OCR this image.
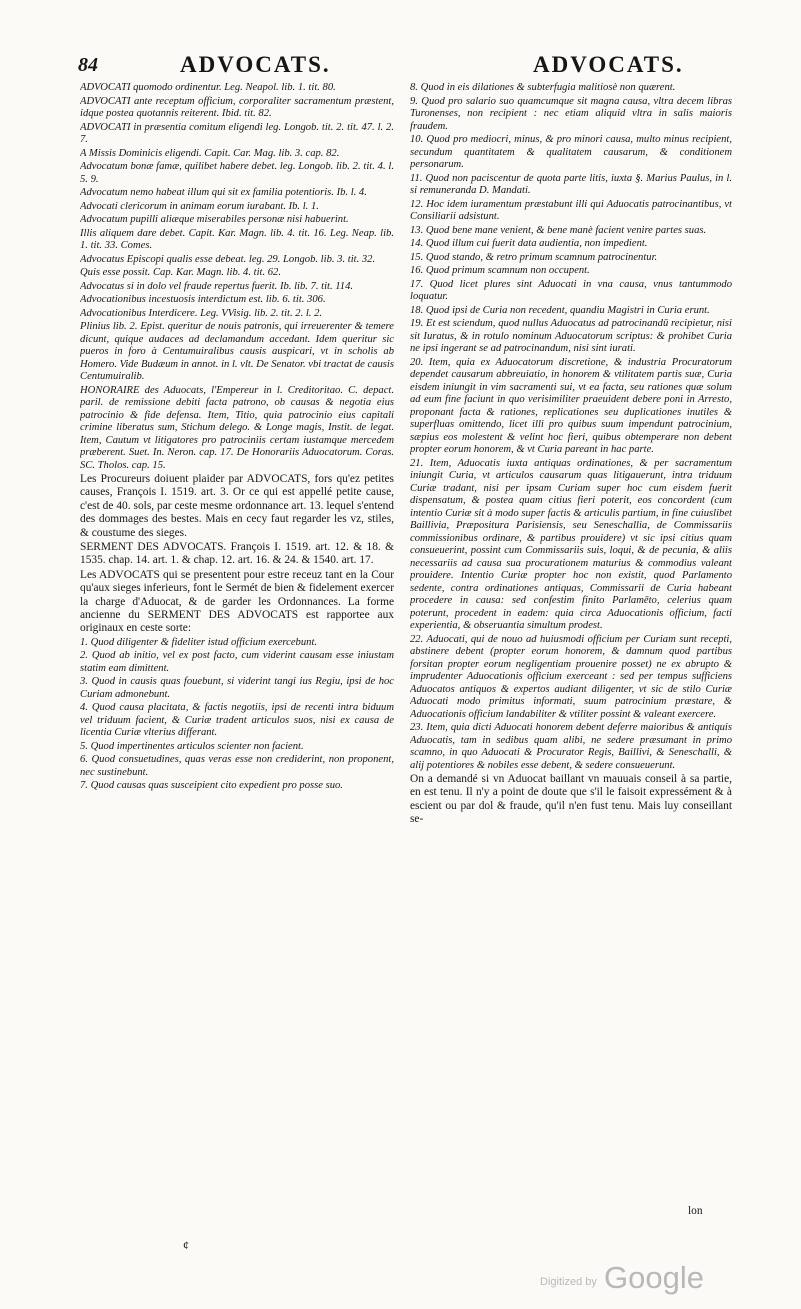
84	ADVOCATS.	ADVOCATS.

ADVOCATI quomodo ordinentur. Leg. Neapol. lib. 1. tit. 80.

ADVOCATI ante receptum officium, corporaliter sacramentum præstent, idque postea quotannis reiterent. Ibid. tit. 82.

ADVOCATI in præsentia comitum eligendi leg. Longob. tit. 2. tit. 47. l. 2. 7.

A Missis Dominicis eligendi. Capit. Car. Mag. lib. 3. cap. 82.

Advocatum bonæ famæ, quilibet habere debet. leg. Longob. lib. 2. tit. 4. l. 5. 9.

Advocatum nemo habeat illum qui sit ex familia potentioris. Ib. l. 4.

Advocati clericorum in animam eorum iurabant. Ib. l. 1.

Advocatum pupilli aliæque miserabiles personæ nisi habuerint.

Illis aliquem dare debet. Capit. Kar. Magn. lib. 4. tit. 16. Leg. Neap. lib. 1. tit. 33. Comes.

Advocatus Episcopi qualis esse debeat. leg. 29. Longob. lib. 3. tit. 32.

Quis esse possit. Cap. Kar. Magn. lib. 4. tit. 62.

Advocatus si in dolo vel fraude repertus fuerit. Ib. lib. 7. tit. 114.

Advocationibus incestuosis interdictum est. lib. 6. tit. 306.

Advocationibus Interdicere. Leg. VVisig. lib. 2. tit. 2. l. 2.

Plinius lib. 2. Epist. queritur de nouis patronis, qui irreuerenter & temere dicunt, quique audaces ad declamandum accedant. Idem queritur sic pueros in foro à Centumuiralibus causis auspicari, vt in scholis ab Homero. Vide Budæum in annot. in l. vlt. De Senator. vbi tractat de causis Centumuiralib.

HONORAIRE des Aduocats, l'Empereur in l. Creditoritao. C. depact. paril. de remissione debiti facta patrono, ob causas & negotia eius patrocinio & fide defensa. Item, Titio, quia patrocinio eius capitali crimine liberatus sum, Stichum delego. & Longe magis, Instit. de legat. Item, Cautum vt litigatores pro patrociniis certam iustamque mercedem præberent. Suet. In. Neron. cap. 17. De Honorariis Aduocatorum. Coras. SC. Tholos. cap. 15.

Les Procureurs doiuent plaider par ADVOCATS, fors qu'ez petites causes, François I. 1519. art. 3. Or ce qui est appellé petite cause, c'est de 40. sols, par ceste mesme ordonnance art. 13. lequel s'entend des dommages des bestes. Mais en cecy faut regarder les vz, stiles, & coustume des sieges.

SERMENT DES ADVOCATS. François I. 1519. art. 12. & 18. & 1535. chap. 14. art. 1. & chap. 12. art. 16. & 24. & 1540. art. 17.

Les ADVOCATS qui se presentent pour estre receuz tant en la Cour qu'aux sieges inferieurs, font le Sermét de bien & fidelement exercer la charge d'Aduocat, & de garder les Ordonnances. La forme ancienne du SERMENT DES ADVOCATS est rapportee aux originaux en ceste sorte:

1. Quod diligenter & fideliter istud officium exercebunt.

2. Quod ab initio, vel ex post facto, cum viderint causam esse iniustam statim eam dimittent.

3. Quod in causis quas fouebunt, si viderint tangi ius Regiu, ipsi de hoc Curiam admonebunt.

4. Quod causa placitata, & factis negotiis, ipsi de recenti intra biduum vel triduum facient, & Curiæ tradent articulos suos, nisi ex causa de licentia Curiæ vlterius differant.

5. Quod impertinentes articulos scienter non facient.

6. Quod consuetudines, quas veras esse non crediderint, non proponent, nec sustinebunt.

7. Quod causas quas susceipient cito expedient pro posse suo.

8. Quod in eis dilationes & subterfugia malitiosè non quærent.

9. Quod pro salario suo quamcumque sit magna causa, vltra decem libras Turonenses, non recipient : nec etiam aliquid vltra in salis maioris fraudem.

10. Quod pro mediocri, minus, & pro minori causa, multo minus recipient, secundum quantitatem & qualitatem causarum, & conditionem personarum.

11. Quod non paciscentur de quota parte litis, iuxta §. Marius Paulus, in l. si remuneranda D. Mandati.

12. Hoc idem iuramentum præstabunt illi qui Aduocatis patrocinantibus, vt Consiliarii adsistunt.

13. Quod bene mane venient, & bene manè facient venire partes suas.

14. Quod illum cui fuerit data audientia, non impedient.

15. Quod stando, & retro primum scamnum patrocinentur.

16. Quod primum scamnum non occupent.

17. Quod licet plures sint Aduocati in vna causa, vnus tantummodo loquatur.

18. Quod ipsi de Curia non recedent, quandiu Magistri in Curia erunt.

19. Et est sciendum, quod nullus Aduocatus ad patrocinandū recipietur, nisi sit Iuratus, & in rotulo nominum Aduocatorum scriptus: & prohibet Curia ne ipsi ingerant se ad patrocinandum, nisi sint iurati.

20. Item, quia ex Aduocatorum discretione, & industria Procuratorum dependet causarum abbreuiatio, in honorem & vtilitatem partis suæ, Curia eisdem iniungit in vim sacramenti sui, vt ea facta, seu rationes quæ solum ad eum fine faciunt in quo verisimiliter praeuident debere poni in Arresto, proponant facta & rationes, replicationes seu duplicationes inutiles & superfluas omittendo, licet illi pro quibus suum impendunt patrocinium, sæpius eos molestent & velint hoc fieri, quibus obtemperare non debent propter eorum honorem, & vt Curia pareant in hac parte.

21. Item, Aduocatis iuxta antiquas ordinationes, & per sacramentum iniungit Curia, vt articulos causarum quas litigauerunt, intra triduum Curiæ tradant, nisi per ipsam Curiam super hoc cum eisdem fuerit dispensatum, & postea quam citius fieri poterit, eos concordent (cum intentio Curiæ sit à modo super factis & articulis partium, in fine cuiuslibet Baillivia, Præpositura Parisiensis, seu Seneschallia, de Commissariis commissionibus ordinare, & partibus prouidere) vt sic ipsi citius quam consueuerint, possint cum Commissariis suis, loqui, & de pecunia, & aliis necessariis ad causa sua procurationem maturius & commodius valeant prouidere. Intentio Curiæ propter hoc non existit, quod Parlamento sedente, contra ordinationes antiquas, Commissarii de Curia habeant procedere in causa: sed confestim finito Parlamēto, celerius quam poterunt, procedent in eadem: quia circa Aduocationis officium, facti experientia, & obseruantia simultum prodest.

22. Aduocati, qui de nouo ad huiusmodi officium per Curiam sunt recepti, abstinere debent (propter eorum honorem, & damnum quod partibus forsitan propter eorum negligentiam prouenire posset) ne ex abrupto & imprudenter Aduocationis officium exerceant : sed per tempus sufficiens Aduocatos antiquos & expertos audiant diligenter, vt sic de stilo Curiæ Aduocati modo primitus informati, suum patrocinium præstare, & Aduocationis officium landabiliter & vtiliter possint & valeant exercere.

23. Item, quia dicti Aduocati honorem debent deferre maioribus & antiquis Aduocatis, tam in sedibus quam alibi, ne sedere præsumant in primo scamno, in quo Aduocati & Procurator Regis, Baillivi, & Seneschalli, & alij potentiores & nobiles esse debent, & sedere consueuerunt.

On a demandé si vn Aduocat baillant vn mauuais conseil à sa partie, en est tenu. Il n'y a point de doute que s'il le faisoit expressément & à escient ou par dol & fraude, qu'il n'en fust tenu. Mais luy conseillant se-

lon
¢
Digitized by Google
